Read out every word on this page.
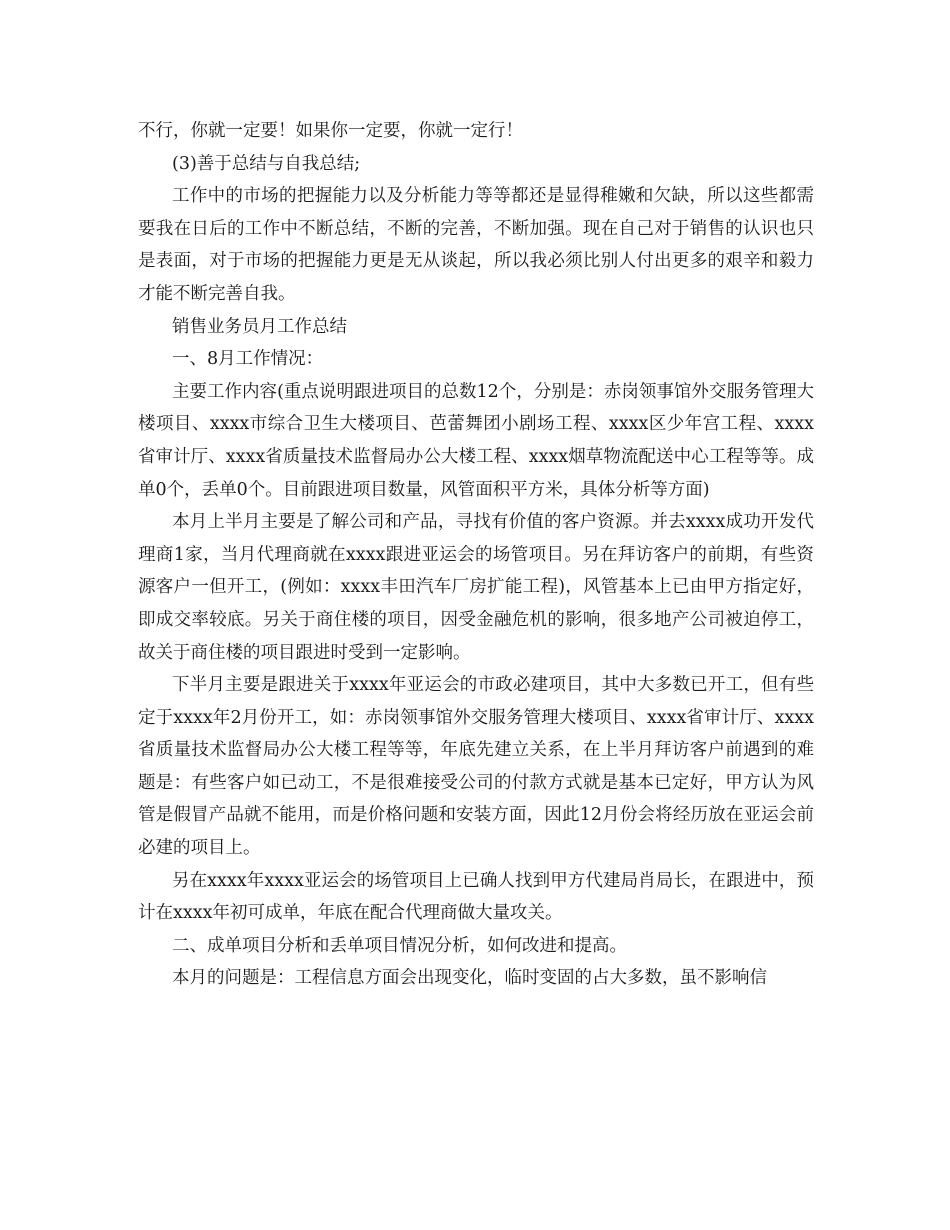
不行，你就一定要！如果你一定要，你就一定行！

(3)善于总结与自我总结;

工作中的市场的把握能力以及分析能力等等都还是显得稚嫩和欠缺，所以这些都需要我在日后的工作中不断总结，不断的完善，不断加强。现在自己对于销售的认识也只是表面，对于市场的把握能力更是无从谈起，所以我必须比别人付出更多的艰辛和毅力才能不断完善自我。

销售业务员月工作总结

一、8月工作情况：

主要工作内容(重点说明跟进项目的总数12个，分别是：赤岗领事馆外交服务管理大楼项目、xxxx市综合卫生大楼项目、芭蕾舞团小剧场工程、xxxx区少年宫工程、xxxx省审计厅、xxxx省质量技术监督局办公大楼工程、xxxx烟草物流配送中心工程等等。成单0个，丢单0个。目前跟进项目数量，风管面积平方米，具体分析等方面)

本月上半月主要是了解公司和产品，寻找有价值的客户资源。并去xxxx成功开发代理商1家，当月代理商就在xxxx跟进亚运会的场管项目。另在拜访客户的前期，有些资源客户一但开工，(例如：xxxx丰田汽车厂房扩能工程)，风管基本上已由甲方指定好，即成交率较底。另关于商住楼的项目，因受金融危机的影响，很多地产公司被迫停工，故关于商住楼的项目跟进时受到一定影响。

下半月主要是跟进关于xxxx年亚运会的市政必建项目，其中大多数已开工，但有些定于xxxx年2月份开工，如：赤岗领事馆外交服务管理大楼项目、xxxx省审计厅、xxxx省质量技术监督局办公大楼工程等等，年底先建立关系，在上半月拜访客户前遇到的难题是：有些客户如已动工，不是很难接受公司的付款方式就是基本已定好，甲方认为风管是假冒产品就不能用，而是价格问题和安装方面，因此12月份会将经历放在亚运会前必建的项目上。

另在xxxx年xxxx亚运会的场管项目上已确人找到甲方代建局肖局长，在跟进中，预计在xxxx年初可成单，年底在配合代理商做大量攻关。

二、成单项目分析和丢单项目情况分析，如何改进和提高。

本月的问题是：工程信息方面会出现变化，临时变固的占大多数，虽不影响信
